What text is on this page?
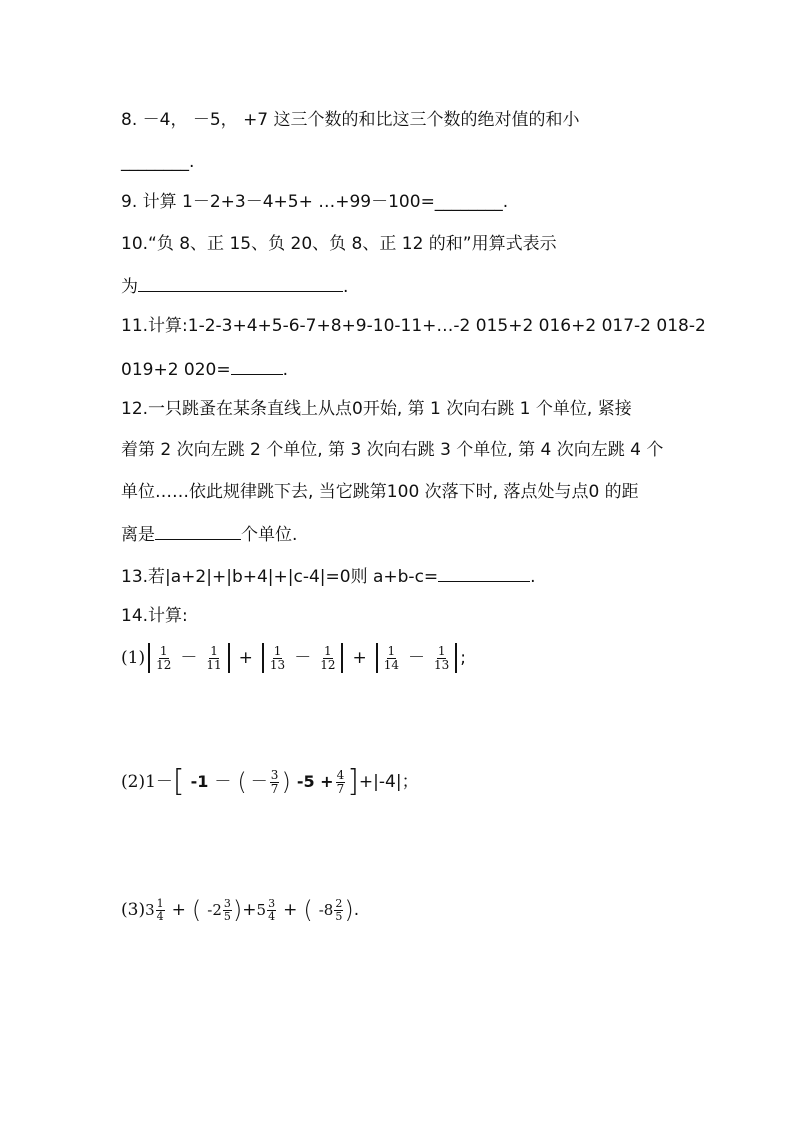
8. －4， －5， +7 这三个数的和比这三个数的绝对值的和小
________.
9. 计算 1－2+3－4+5+ …+99－100=________.
10.“负 8、正 15、负 20、负 8、正 12 的和”用算式表示
为	.
11.计算:1-2-3+4+5-6-7+8+9-10-11+…-2 015+2 016+2 017-2 018-2
019+2 020=	.
12.一只跳蚤在某条直线上从点0开始, 第 1 次向右跳 1 个单位, 紧接
着第 2 次向左跳 2 个单位, 第 3 次向右跳 3 个单位, 第 4 次向左跳 4 个
单位……依此规律跳下去, 当它跳第100 次落下时, 落点处与点0 的距
离是	个单位.
13.若|a+2|+|b+4|+|c-4|=0则 a+b-c=	.
14.计算:
$(1) \frac{1}{12} - \frac{1}{11} + \frac{1}{13} - \frac{1}{12} + \frac{1}{14} - \frac{1}{13}$ ;
(2) 1－ [ -1 － ( － $\frac{3}{7}$ ) $-5 + \frac{4}{7}$ ] +|-4|；
(3) $3 \frac{1}{4}$ + ( $-2 \frac{3}{5}$ ) + $5 \frac{3}{4}$ + ( $-8 \frac{2}{5}$ ) .
